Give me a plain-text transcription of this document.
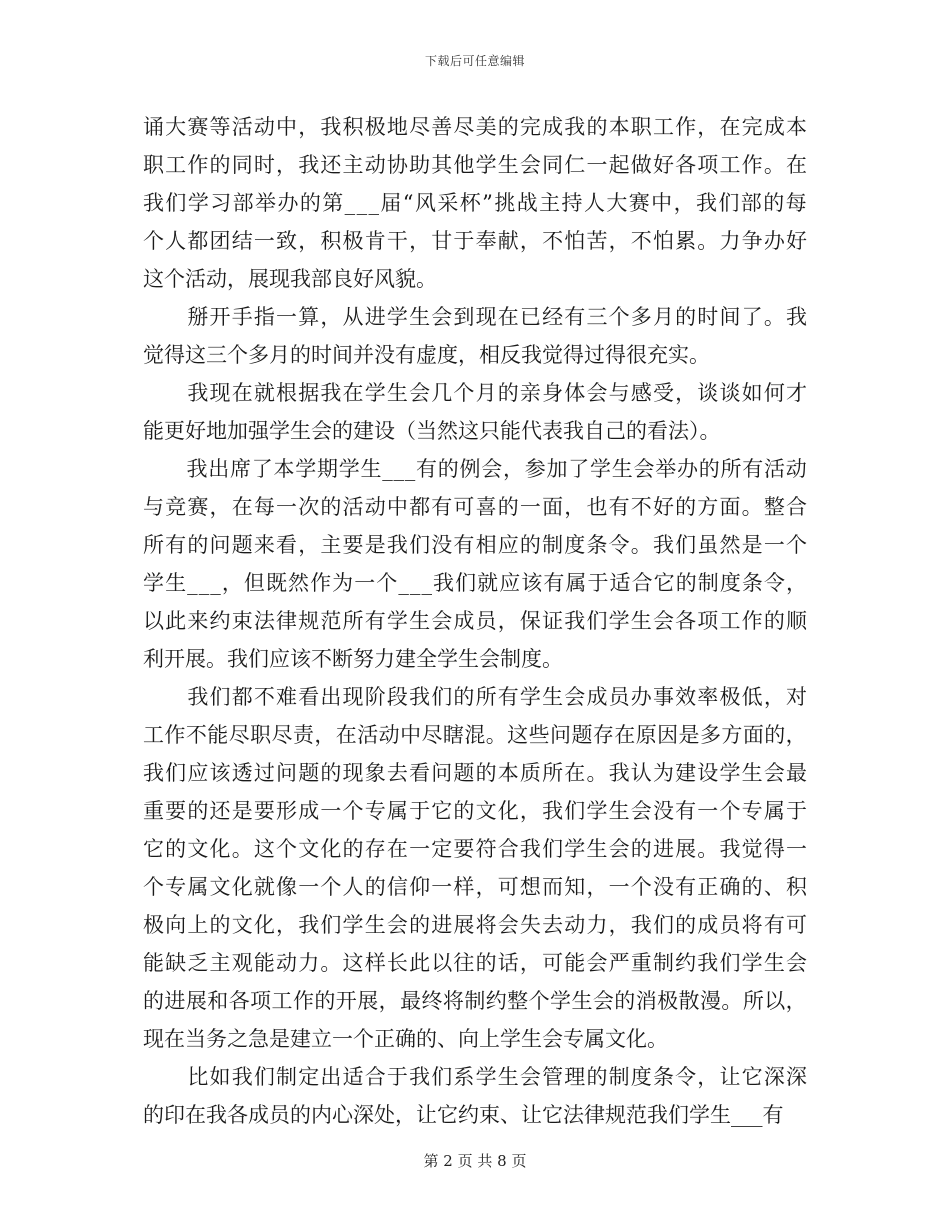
下载后可任意编辑
诵 大 赛 等 活 动 中 ， 我 积 极 地 尽 善 尽 美 的 完 成 我 的 本 职 工 作 ， 在 完 成 本
职 工 作 的 同 时 ， 我 还 主 动 协 助 其 他 学 生 会 同 仁 一 起 做 好 各 项 工 作 。 在
我 们 学 习 部 举 办 的 第 _ _ _ 届 “ 风 采 杯 ” 挑 战 主 持 人 大 赛 中 ， 我 们 部 的 每
个 人 都 团 结 一 致 ， 积 极 肯 干 ， 甘 于 奉 献 ， 不 怕 苦 ， 不 怕 累 。 力 争 办 好
这个活动，展现我部良好风貌。

掰 开 手 指 一 算 ， 从 进 学 生 会 到 现 在 已 经 有 三 个 多 月 的 时 间 了 。 我
觉得这三个多月的时间并没有虚度，相反我觉得过得很充实。

我 现 在 就 根 据 我 在 学 生 会 几 个 月 的 亲 身 体 会 与 感 受 ， 谈 谈 如 何 才
能更好地加强学生会的建设（当然这只能代表我自己的看法）。

我 出 席 了 本 学 期 学 生 _ _ _ 有 的 例 会 ， 参 加 了 学 生 会 举 办 的 所 有 活 动
与 竞 赛 ， 在 每 一 次 的 活 动 中 都 有 可 喜 的 一 面 ， 也 有 不 好 的 方 面 。 整 合
所 有 的 问 题 来 看 ， 主 要 是 我 们 没 有 相 应 的 制 度 条 令 。 我 们 虽 然 是 一 个
学 生 _ _ _ ， 但 既 然 作 为 一 个 _ _ _ 我 们 就 应 该 有 属 于 适 合 它 的 制 度 条 令 ，
以 此 来 约 束 法 律 规 范 所 有 学 生 会 成 员 ， 保 证 我 们 学 生 会 各 项 工 作 的 顺
利开展。我们应该不断努力建全学生会制度。

我 们 都 不 难 看 出 现 阶 段 我 们 的 所 有 学 生 会 成 员 办 事 效 率 极 低 ， 对
工 作 不 能 尽 职 尽 责 ， 在 活 动 中 尽 瞎 混 。 这 些 问 题 存 在 原 因 是 多 方 面 的 ，
我 们 应 该 透 过 问 题 的 现 象 去 看 问 题 的 本 质 所 在 。 我 认 为 建 设 学 生 会 最
重 要 的 还 是 要 形 成 一 个 专 属 于 它 的 文 化 ， 我 们 学 生 会 没 有 一 个 专 属 于
它 的 文 化 。 这 个 文 化 的 存 在 一 定 要 符 合 我 们 学 生 会 的 进 展 。 我 觉 得 一
个 专 属 文 化 就 像 一 个 人 的 信 仰 一 样 ， 可 想 而 知 ， 一 个 没 有 正 确 的 、 积
极 向 上 的 文 化 ， 我 们 学 生 会 的 进 展 将 会 失 去 动 力 ， 我 们 的 成 员 将 有 可
能 缺 乏 主 观 能 动 力 。 这 样 长 此 以 往 的 话 ， 可 能 会 严 重 制 约 我 们 学 生 会
的 进 展 和 各 项 工 作 的 开 展 ， 最 终 将 制 约 整 个 学 生 会 的 消 极 散 漫 。 所 以 ，
现在当务之急是建立一个正确的、向上学生会专属文化。

比 如 我 们 制 定 出 适 合 于 我 们 系 学 生 会 管 理 的 制 度 条 令 ， 让 它 深 深
的印在我各成员的内心深处，让它约束、让它法律规范我们学生___有
第 2 页 共 8 页
